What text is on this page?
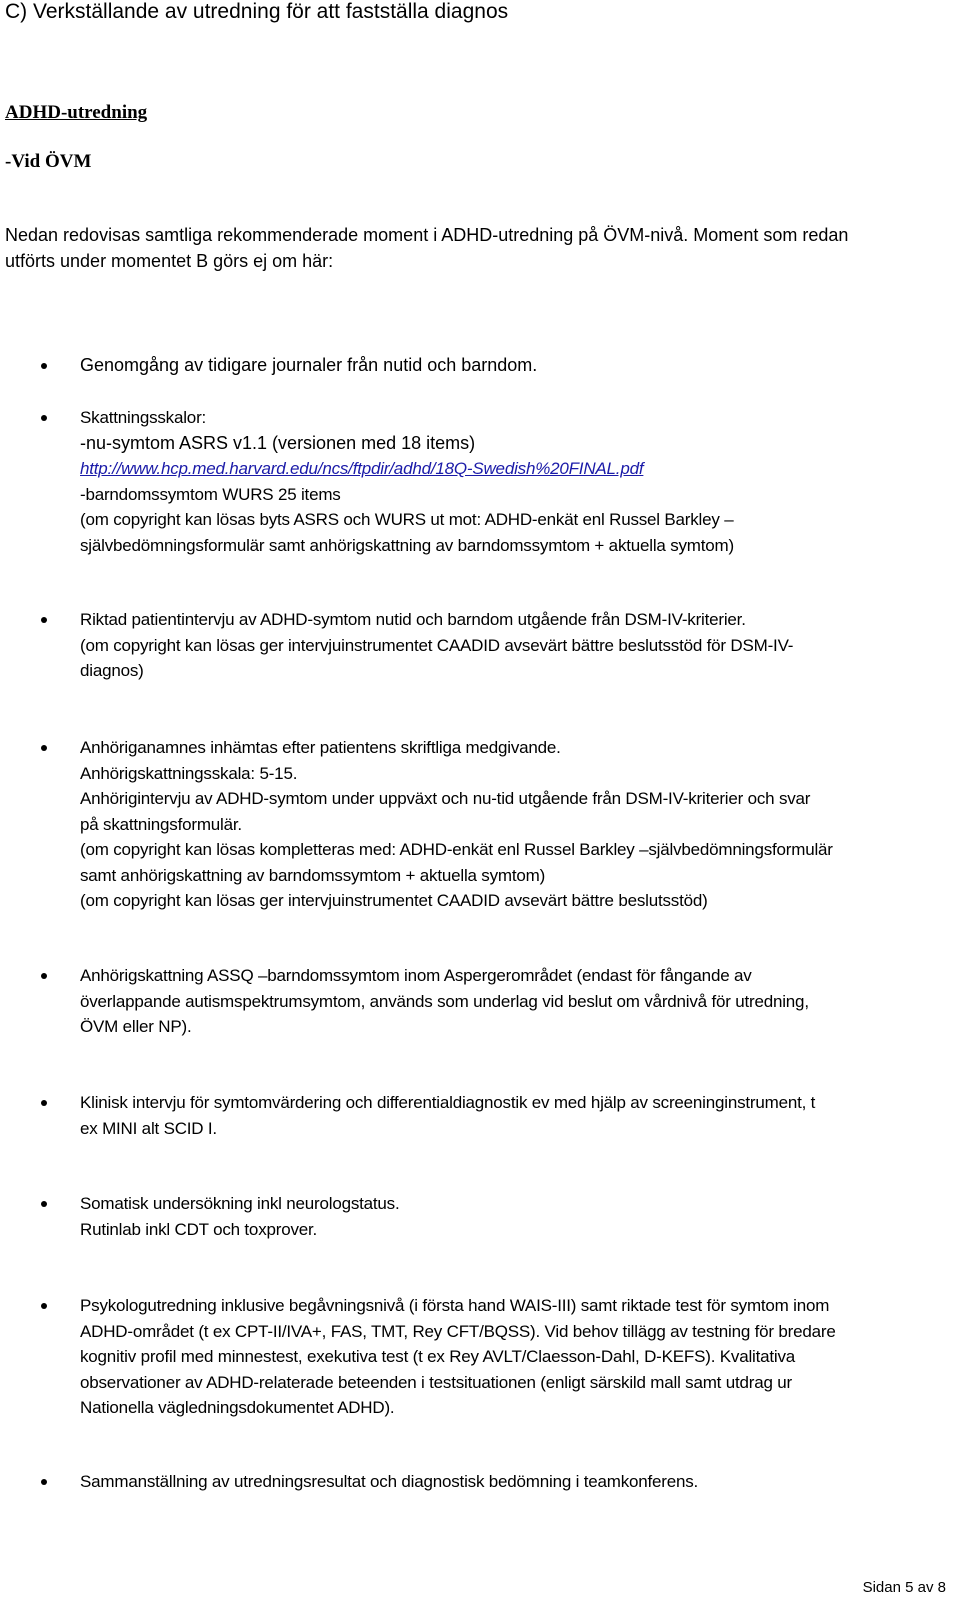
C) Verkställande av utredning för att fastställa diagnos
ADHD-utredning
-Vid ÖVM

Nedan redovisas samtliga rekommenderade moment i ADHD-utredning på ÖVM-nivå. Moment som redan
utförts under momentet B görs ej om här:

Genomgång av tidigare journaler från nutid och barndom.
Skattningsskalor:
-nu-symtom ASRS v1.1 (versionen med 18 items)
http://www.hcp.med.harvard.edu/ncs/ftpdir/adhd/18Q-Swedish%20FINAL.pdf
-barndomssymtom WURS 25 items
(om copyright kan lösas byts ASRS och WURS ut mot: ADHD-enkät enl Russel Barkley –
självbedömningsformulär samt anhörigskattning av barndomssymtom + aktuella symtom)
Riktad patientintervju av ADHD-symtom nutid och barndom utgående från DSM-IV-kriterier.
(om copyright kan lösas ger intervjuinstrumentet CAADID avsevärt bättre beslutsstöd för DSM-IV-
diagnos)
Anhöriganamnes inhämtas efter patientens skriftliga medgivande.
Anhörigskattningsskala: 5-15.
Anhörigintervju av ADHD-symtom under uppväxt och nu-tid utgående från DSM-IV-kriterier och svar
på skattningsformulär.
(om copyright kan lösas kompletteras med: ADHD-enkät enl Russel Barkley –självbedömningsformulär
samt anhörigskattning av barndomssymtom + aktuella symtom)
(om copyright kan lösas ger intervjuinstrumentet CAADID avsevärt bättre beslutsstöd)
Anhörigskattning ASSQ –barndomssymtom inom Aspergerområdet (endast för fångande av
överlappande autismspektrumsymtom, används som underlag vid beslut om vårdnivå för utredning,
ÖVM eller NP).
Klinisk intervju för symtomvärdering och differentialdiagnostik ev med hjälp av screeninginstrument, t
ex MINI alt SCID I.
Somatisk undersökning inkl neurologstatus.
Rutinlab inkl CDT och toxprover.
Psykologutredning inklusive begåvningsnivå (i första hand WAIS-III) samt riktade test för symtom inom
ADHD-området (t ex CPT-II/IVA+, FAS, TMT, Rey CFT/BQSS). Vid behov tillägg av testning för bredare
kognitiv profil med minnestest, exekutiva test (t ex Rey AVLT/Claesson-Dahl, D-KEFS). Kvalitativa
observationer av ADHD-relaterade beteenden i testsituationen (enligt särskild mall samt utdrag ur
Nationella vägledningsdokumentet ADHD).
Sammanställning av utredningsresultat och diagnostisk bedömning i teamkonferens.
Sidan 5 av 8
